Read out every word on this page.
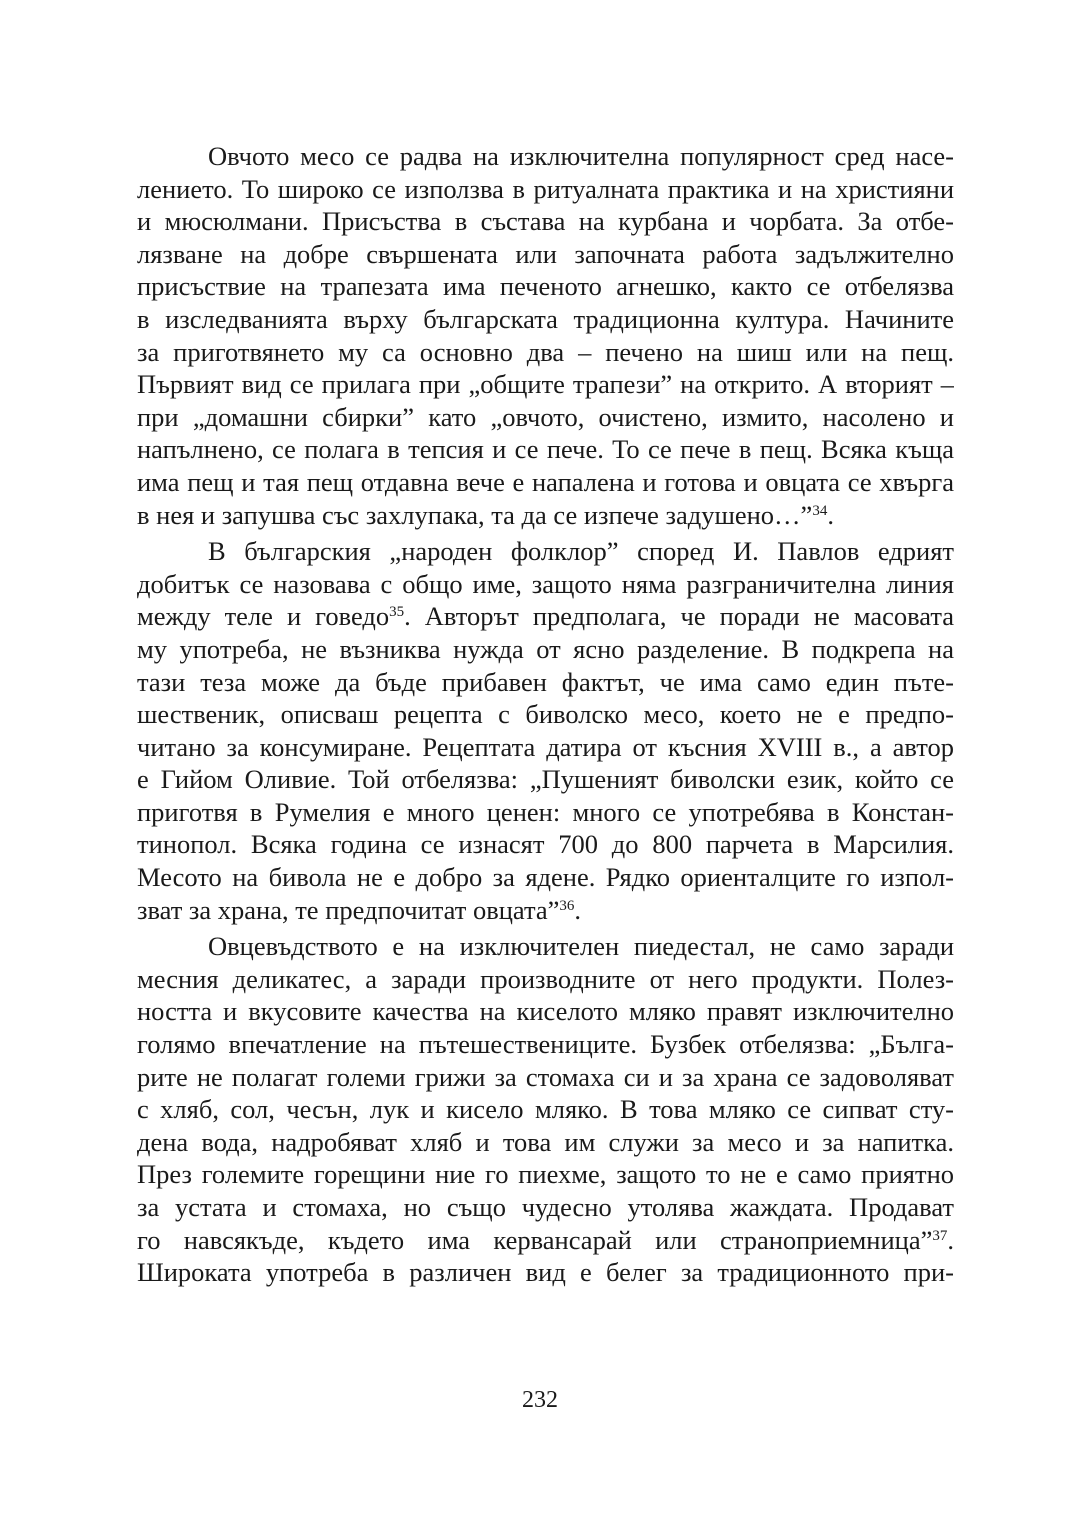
Овчото месо се радва на изключителна популярност сред насе-
лението. То широко се използва в ритуалната практика и на християни
и мюсюлмани. Присъства в състава на курбана и чорбата. За отбе-
лязване на добре свършената или започнатa работа задължително
присъствие на трапезата има печеното агнешко, както се отбелязва
в изследванията върху българската традиционна култура. Начините
за приготвянето му са основно два – печено на шиш или на пещ.
Първият вид се прилага при „общите трапези” на открито. А вторият –
при „домашни сбирки” като „овчото, очистено, измито, насолено и
напълнено, се полага в тепсия и се пече. То се пече в пещ. Всяка къща
има пещ и тая пещ отдавна вече е напалена и готова и овцата се хвърга
в нея и запушва със захлупака, та да се изпече задушено…”$^{34}$.
В българския „народен фолклор” според И. Павлов едрият
добитък се назовава с общо име, защото няма разграничителна линия
между теле и говедо$^{35}$. Авторът предполага, че поради не масовата
му употреба, не възниква нужда от ясно разделение. В подкрепа на
тази теза може да бъде прибавен фактът, че има само един пъте-
шественик, описваш рецепта с биволско месо, което не е предпо-
читано за консумиране. Рецептата датира от късния XVIII в., а автор
е Гийом Оливие. Той отбелязва: „Пушеният биволски език, който се
приготвя в Румелия е много ценен: много се употребява в Констан-
тинопол. Всяка година се изнасят 700 до 800 парчета в Марсилия.
Месото на бивола не е добро за ядене. Рядко ориенталците го изпол-
зват за храна, те предпочитат овцата”$^{36}$.
Овцевъдството е на изключителен пиедестал, не само заради
месния деликатес, а заради производните от него продукти. Полез-
ността и вкусовите качества на киселото мляко правят изключително
голямо впечатление на пътешествениците. Бузбек отбелязва: „Бълга-
рите не полагат големи грижи за стомаха си и за храна се задоволяват
с хляб, сол, чесън, лук и кисело мляко. В това мляко се сипват сту-
дена вода, надробяват хляб и това им служи за месо и за напитка.
През големите горещини ние го пиехме, защото то не е само приятно
за устата и стомаха, но също чудесно утолява жаждата. Продават
го навсякъде, където има кервансарай или страноприемница”$^{37}$.
Широката употреба в различен вид е белег за традиционното при-
232
